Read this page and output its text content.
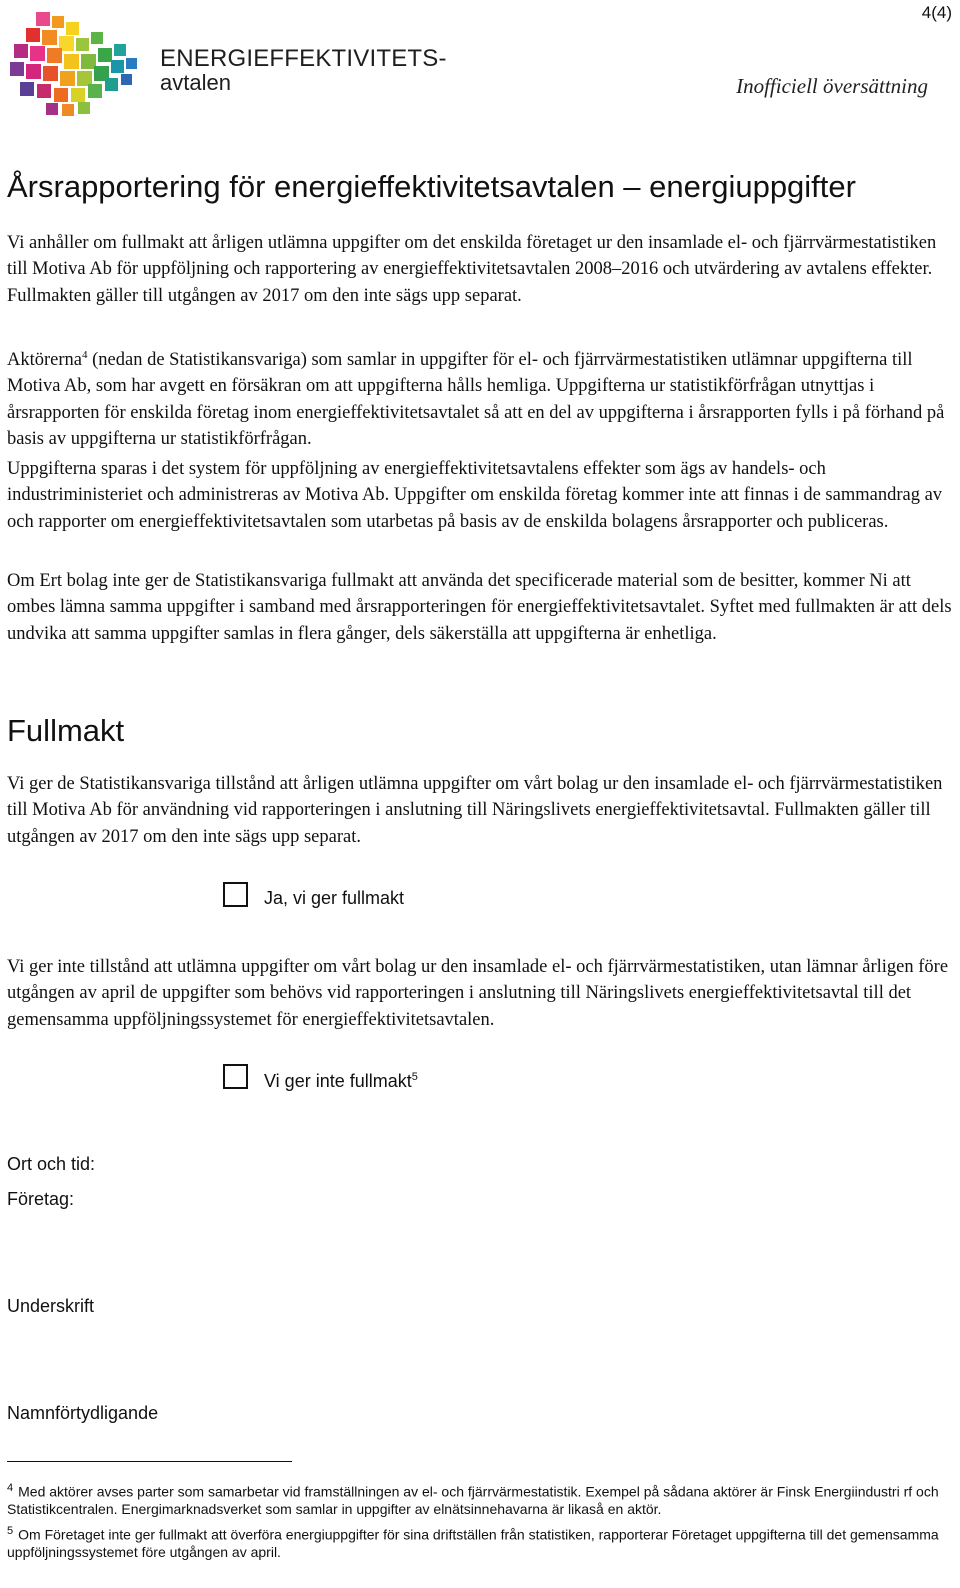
4(4)
ENERGIEFFEKTIVITETS-
avtalen	Inofficiell översättning
Årsrapportering för energieffektivitetsavtalen – energiuppgifter

Vi anhåller om fullmakt att årligen utlämna uppgifter om det enskilda företaget ur den insamlade el- och fjärrvärmestatistiken till Motiva Ab för uppföljning och rapportering av energieffektivitetsavtalen 2008–2016 och utvärdering av avtalens effekter. Fullmakten gäller till utgången av 2017 om den inte sägs upp separat.

Aktörerna$^4$ (nedan de Statistikansvariga) som samlar in uppgifter för el- och fjärrvärmestatistiken utlämnar uppgifterna till Motiva Ab, som har avgett en försäkran om att uppgifterna hålls hemliga. Uppgifterna ur statistikförfrågan utnyttjas i årsrapporten för enskilda företag inom energieffektivitetsavtalet så att en del av uppgifterna i årsrapporten fylls i på förhand på basis av uppgifterna ur statistikförfrågan.

Uppgifterna sparas i det system för uppföljning av energieffektivitetsavtalens effekter som ägs av handels- och industriministeriet och administreras av Motiva Ab. Uppgifter om enskilda företag kommer inte att finnas i de sammandrag av och rapporter om energieffektivitetsavtalen som utarbetas på basis av de enskilda bolagens årsrapporter och publiceras.

Om Ert bolag inte ger de Statistikansvariga fullmakt att använda det specificerade material som de besitter, kommer Ni att ombes lämna samma uppgifter i samband med årsrapporteringen för energieffektivitetsavtalet. Syftet med fullmakten är att dels undvika att samma uppgifter samlas in flera gånger, dels säkerställa att uppgifterna är enhetliga.

Fullmakt

Vi ger de Statistikansvariga tillstånd att årligen utlämna uppgifter om vårt bolag ur den insamlade el- och fjärrvärmestatistiken till Motiva Ab för användning vid rapporteringen i anslutning till Näringslivets energieffektivitetsavtal. Fullmakten gäller till utgången av 2017 om den inte sägs upp separat.

Ja, vi ger fullmakt

Vi ger inte tillstånd att utlämna uppgifter om vårt bolag ur den insamlade el- och fjärrvärmestatistiken, utan lämnar årligen före utgången av april de uppgifter som behövs vid rapporteringen i anslutning till Näringslivets energieffektivitetsavtal till det gemensamma uppföljningssystemet för energieffektivitetsavtalen.

Vi ger inte fullmakt$^5$
Ort och tid:
Företag:
Underskrift
Namnförtydligande

$^4$ Med aktörer avses parter som samarbetar vid framställningen av el- och fjärrvärmestatistik. Exempel på sådana aktörer är Finsk Energiindustri rf och Statistikcentralen. Energimarknadsverket som samlar in uppgifter av elnätsinnehavarna är likaså en aktör.

$^5$ Om Företaget inte ger fullmakt att överföra energiuppgifter för sina driftställen från statistiken, rapporterar Företaget uppgifterna till det gemensamma uppföljningssystemet före utgången av april.
